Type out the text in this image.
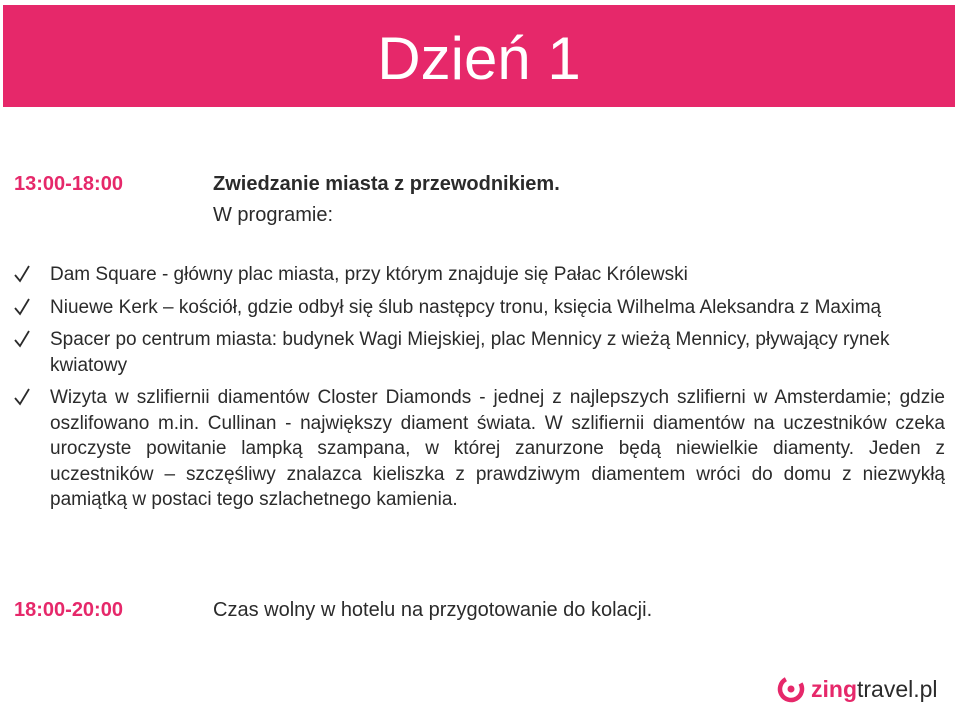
Dzień 1
13:00-18:00	Zwiedzanie miasta z przewodnikiem.
W programie:
Dam Square - główny plac miasta, przy którym znajduje się Pałac Królewski
Niuewe Kerk – kościół, gdzie odbył się ślub następcy tronu, księcia Wilhelma Aleksandra z Maximą
Spacer po centrum miasta: budynek Wagi Miejskiej, plac Mennicy z wieżą Mennicy, pływający rynek kwiatowy
Wizyta w szlifiernii diamentów Closter Diamonds - jednej z najlepszych szlifierni w Amsterdamie; gdzie oszlifowano m.in. Cullinan - największy diament świata. W szlifiernii diamentów na uczestników czeka uroczyste powitanie lampką szampana, w której zanurzone będą niewielkie diamenty. Jeden z uczestników – szczęśliwy znalazca kieliszka z prawdziwym diamentem wróci do domu z niezwykłą pamiątką w postaci tego szlachetnego kamienia.
18:00-20:00	Czas wolny w hotelu na przygotowanie do kolacji.
zing travel.pl
